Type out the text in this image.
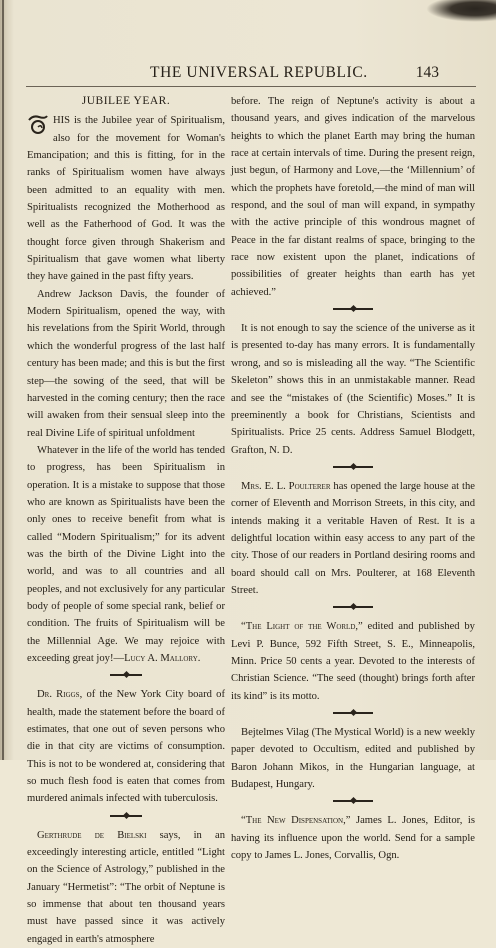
THE UNIVERSAL REPUBLIC.	143
JUBILEE YEAR.

T
HIS is the Jubilee year of Spiritualism, also for the movement for Woman's Emancipation; and this is fitting, for in the ranks of Spiritualism women have always been admitted to an equality with men. Spiritualists recognized the Motherhood as well as the Fatherhood of God. It was the thought force given through Shakerism and Spiritualism that gave women what liberty they have gained in the past fifty years.

Andrew Jackson Davis, the founder of Modern Spiritualism, opened the way, with his revelations from the Spirit World, through which the wonderful progress of the last half century has been made; and this is but the first step—the sowing of the seed, that will be harvested in the coming century; then the race will awaken from their sensual sleep into the real Divine Life of spiritual unfoldment

Whatever in the life of the world has tended to progress, has been Spiritualism in operation. It is a mistake to suppose that those who are known as Spiritualists have been the only ones to receive benefit from what is called “Modern Spiritualism;” for its advent was the birth of the Divine Light into the world, and was to all countries and all peoples, and not exclusively for any particular body of people of some special rank, belief or condition. The fruits of Spiritualism will be the Millennial Age. We may rejoice with exceeding great joy!—Lucy A. Mallory.

Dr. Riggs, of the New York City board of health, made the statement before the board of estimates, that one out of seven persons who die in that city are victims of consumption. This is not to be wondered at, considering that so much flesh food is eaten that comes from murdered animals infected with tuberculosis.

Gerthrude de Bielski says, in an exceedingly interesting article, entitled “Light on the Science of Astrology,” published in the January “Hermetist”: “The orbit of Neptune is so immense that about ten thousand years must have passed since it was actively engaged in earth's atmosphere

before. The reign of Neptune's activity is about a thousand years, and gives indication of the marvelous heights to which the planet Earth may bring the human race at certain intervals of time. During the present reign, just begun, of Harmony and Love,—the ‘Millennium’ of which the prophets have foretold,—the mind of man will respond, and the soul of man will expand, in sympathy with the active principle of this wondrous magnet of Peace in the far distant realms of space, bringing to the race now existent upon the planet, indications of possibilities of greater heights than earth has yet achieved.”

It is not enough to say the science of the universe as it is presented to-day has many errors. It is fundamentally wrong, and so is misleading all the way. “The Scientific Skeleton” shows this in an unmistakable manner. Read and see the “mistakes of (the Scientific) Moses.” It is preeminently a book for Christians, Scientists and Spiritualists. Price 25 cents. Address Samuel Blodgett, Grafton, N. D.

Mrs. E. L. Poulterer has opened the large house at the corner of Eleventh and Morrison Streets, in this city, and intends making it a veritable Haven of Rest. It is a delightful location within easy access to any part of the city. Those of our readers in Portland desiring rooms and board should call on Mrs. Poulterer, at 168 Eleventh Street.

“The Light of the World,” edited and published by Levi P. Bunce, 592 Fifth Street, S. E., Minneapolis, Minn. Price 50 cents a year. Devoted to the interests of Christian Science. “The seed (thought) brings forth after its kind” is its motto.

Bejtelmes Vilag (The Mystical World) is a new weekly paper devoted to Occultism, edited and published by Baron Johann Mikos, in the Hungarian language, at Budapest, Hungary.

“The New Dispensation,” James L. Jones, Editor, is having its influence upon the world. Send for a sample copy to James L. Jones, Corvallis, Ogn.
